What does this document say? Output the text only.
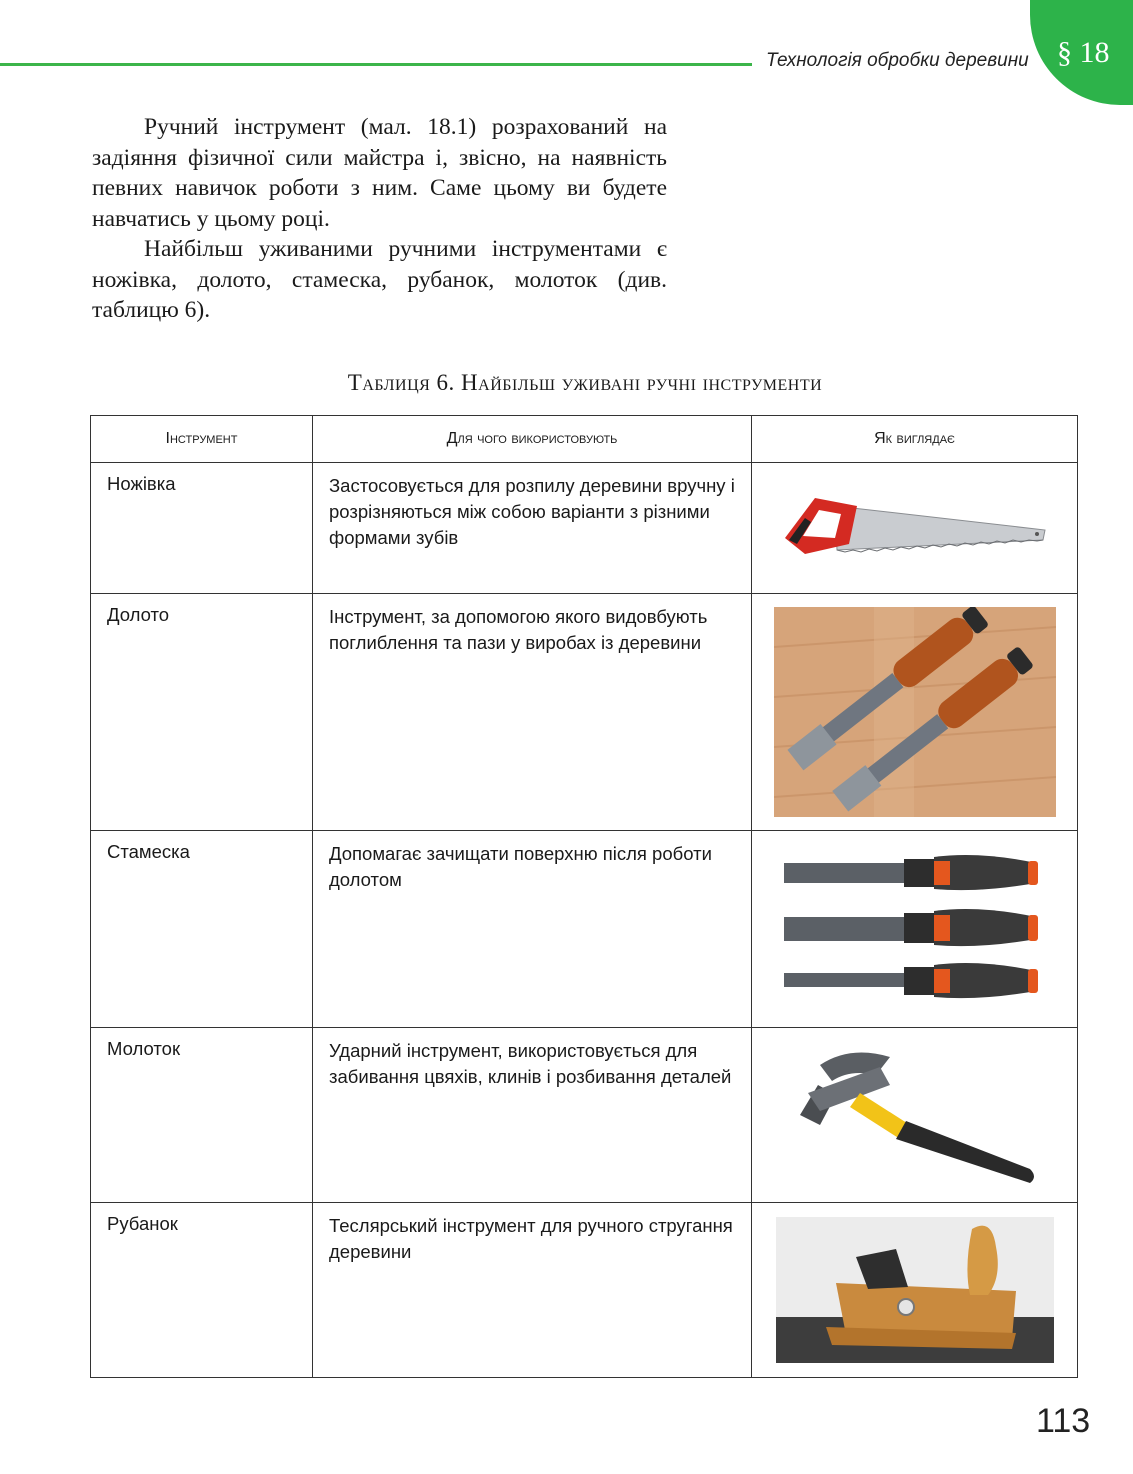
§ 18
Технологія обробки деревини

Ручний інструмент (мал. 18.1) розрахований на задіяння фізичної сили майстра і, звісно, на наявність певних навичок роботи з ним. Саме цьому ви будете навчатись у цьому році.

Найбільш уживаними ручними інструментами є ножівка, долото, стамеска, рубанок, молоток (див. таблицю 6).

Таблиця 6. Найбільш уживані ручні інструменти
Інструмент	Для чого використовують	Як виглядає
Ножівка	Застосовується для розпилу деревини вручну і розрізняються між собою варіанти з різними формами зубів	

Долото	Інструмент, за допомогою якого видовбують поглиблення та пази у виробах із деревини	

Стамеска	Допомагає зачищати поверхню після роботи долотом	

Молоток	Ударний інструмент, використовується для забивання цвяхів, клинів і розбивання деталей	

Рубанок	Теслярський інструмент для ручного стругання деревини	
113
